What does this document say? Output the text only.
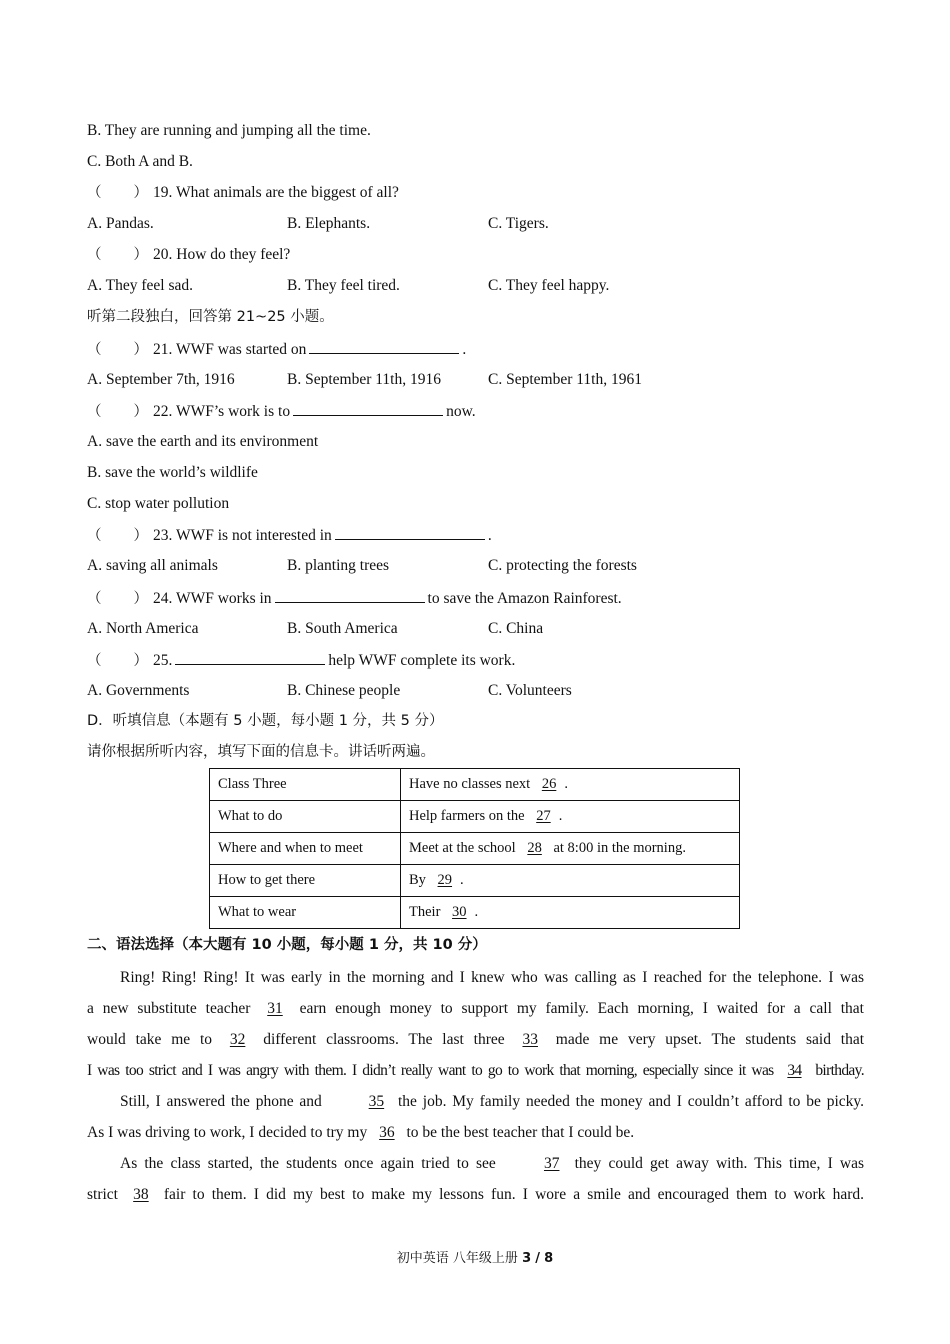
B. They are running and jumping all the time.
C. Both A and B.
（ ） 19. What animals are the biggest of all?
A. Pandas.	B. Elephants.	C. Tigers.
（ ） 20. How do they feel?
A. They feel sad.	B. They feel tired.	C. They feel happy.
听第二段独白，回答第 21~25 小题。
（ ） 21. WWF was started on	.
A. September 7th, 1916	B. September 11th, 1916	C. September 11th, 1961
（ ） 22. WWF’s work is to	now.
A. save the earth and its environment
B. save the world’s wildlife
C. stop water pollution
（ ） 23. WWF is not interested in	.
A. saving all animals	B. planting trees	C. protecting the forests
（ ） 24. WWF works in	to save the Amazon Rainforest.
A. North America	B. South America	C. China
（ ） 25.	help WWF complete its work.
A. Governments	B. Chinese people	C. Volunteers
D．听填信息（本题有 5 小题，每小题 1 分，共 5 分）
请你根据所听内容，填写下面的信息卡。讲话听两遍。
Class Three	Have no classes next 26 .
What to do	Help farmers on the 27 .
Where and when to meet	Meet at the school 28 at 8:00 in the morning.
How to get there	By 29 .
What to wear	Their 30 .
二、语法选择（本大题有 10 小题，每小题 1 分，共 10 分）
Ring! Ring! Ring! It was early in the morning and I knew who was calling as I reached for the telephone. I was
a new substitute teacher 31 earn enough money to support my family. Each morning, I waited for a call that
would take me to 32 different classrooms. The last three 33 made me very upset. The students said that
I was too strict and I was angry with them. I didn’t really want to go to work that morning, especially since it was 34 birthday.
Still, I answered the phone and	35 the job. My family needed the money and I couldn’t afford to be picky.
As I was driving to work, I decided to try my 36 to be the best teacher that I could be.
As the class started, the students once again tried to see	37 they could get away with. This time, I was
strict 38 fair to them. I did my best to make my lessons fun. I wore a smile and encouraged them to work hard.
初中英语 八年级上册 3 / 8
